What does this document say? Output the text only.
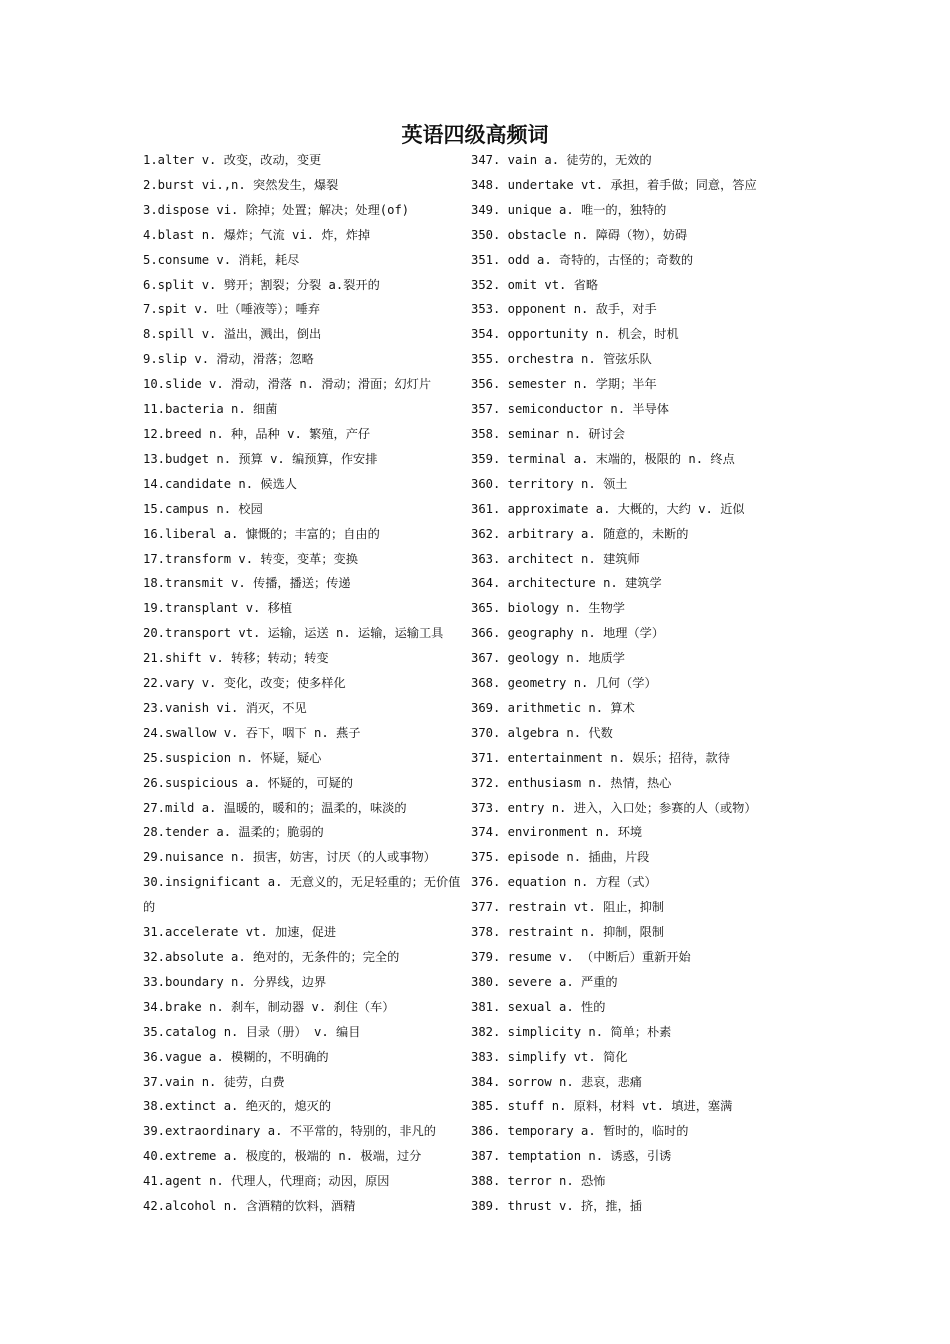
英语四级高频词
1.alter v. 改变，改动，变更
2.burst vi.,n. 突然发生，爆裂
3.dispose vi. 除掉；处置；解决；处理(of)
4.blast n. 爆炸；气流 vi. 炸，炸掉
5.consume v. 消耗，耗尽
6.split v. 劈开；割裂；分裂 a.裂开的
7.spit v. 吐（唾液等）；唾弃
8.spill v. 溢出，溅出，倒出
9.slip v. 滑动，滑落；忽略
10.slide v. 滑动，滑落 n. 滑动；滑面；幻灯片
11.bacteria n. 细菌
12.breed n. 种，品种 v. 繁殖，产仔
13.budget n. 预算 v. 编预算，作安排
14.candidate n. 候选人
15.campus n. 校园
16.liberal a. 慷慨的；丰富的；自由的
17.transform v. 转变，变革；变换
18.transmit v. 传播，播送；传递
19.transplant v. 移植
20.transport vt. 运输，运送 n. 运输，运输工具
21.shift v. 转移；转动；转变
22.vary v. 变化，改变；使多样化
23.vanish vi. 消灭，不见
24.swallow v. 吞下，咽下 n. 燕子
25.suspicion n. 怀疑，疑心
26.suspicious a. 怀疑的，可疑的
27.mild a. 温暖的，暖和的；温柔的，味淡的
28.tender a. 温柔的；脆弱的
29.nuisance n. 损害，妨害，讨厌（的人或事物）
30.insignificant a. 无意义的，无足轻重的；无价值的
31.accelerate vt. 加速，促进
32.absolute a. 绝对的，无条件的；完全的
33.boundary n. 分界线，边界
34.brake n. 刹车，制动器 v. 刹住（车）
35.catalog n. 目录（册） v. 编目
36.vague a. 模糊的，不明确的
37.vain n. 徒劳，白费
38.extinct a. 绝灭的，熄灭的
39.extraordinary a. 不平常的，特别的，非凡的
40.extreme a. 极度的，极端的 n. 极端，过分
41.agent n. 代理人，代理商；动因，原因
42.alcohol n. 含酒精的饮料，酒精
347. vain a. 徒劳的，无效的
348. undertake vt. 承担，着手做；同意，答应
349. unique a. 唯一的，独特的
350. obstacle n. 障碍（物），妨碍
351. odd a. 奇特的，古怪的；奇数的
352. omit vt. 省略
353. opponent n. 敌手，对手
354. opportunity n. 机会，时机
355. orchestra n. 管弦乐队
356. semester n. 学期；半年
357. semiconductor n. 半导体
358. seminar n. 研讨会
359. terminal a. 末端的，极限的 n. 终点
360. territory n. 领土
361. approximate a. 大概的，大约 v. 近似
362. arbitrary a. 随意的，未断的
363. architect n. 建筑师
364. architecture n. 建筑学
365. biology n. 生物学
366. geography n. 地理（学）
367. geology n. 地质学
368. geometry n. 几何（学）
369. arithmetic n. 算术
370. algebra n. 代数
371. entertainment n. 娱乐；招待，款待
372. enthusiasm n. 热情，热心
373. entry n. 进入，入口处；参赛的人（或物）
374. environment n. 环境
375. episode n. 插曲，片段
376. equation n. 方程（式）
377. restrain vt. 阻止，抑制
378. restraint n. 抑制，限制
379. resume v. （中断后）重新开始
380. severe a. 严重的
381. sexual a. 性的
382. simplicity n. 简单；朴素
383. simplify vt. 简化
384. sorrow n. 悲哀，悲痛
385. stuff n. 原料，材料 vt. 填进，塞满
386. temporary a. 暂时的，临时的
387. temptation n. 诱惑，引诱
388. terror n. 恐怖
389. thrust v. 挤，推，插
